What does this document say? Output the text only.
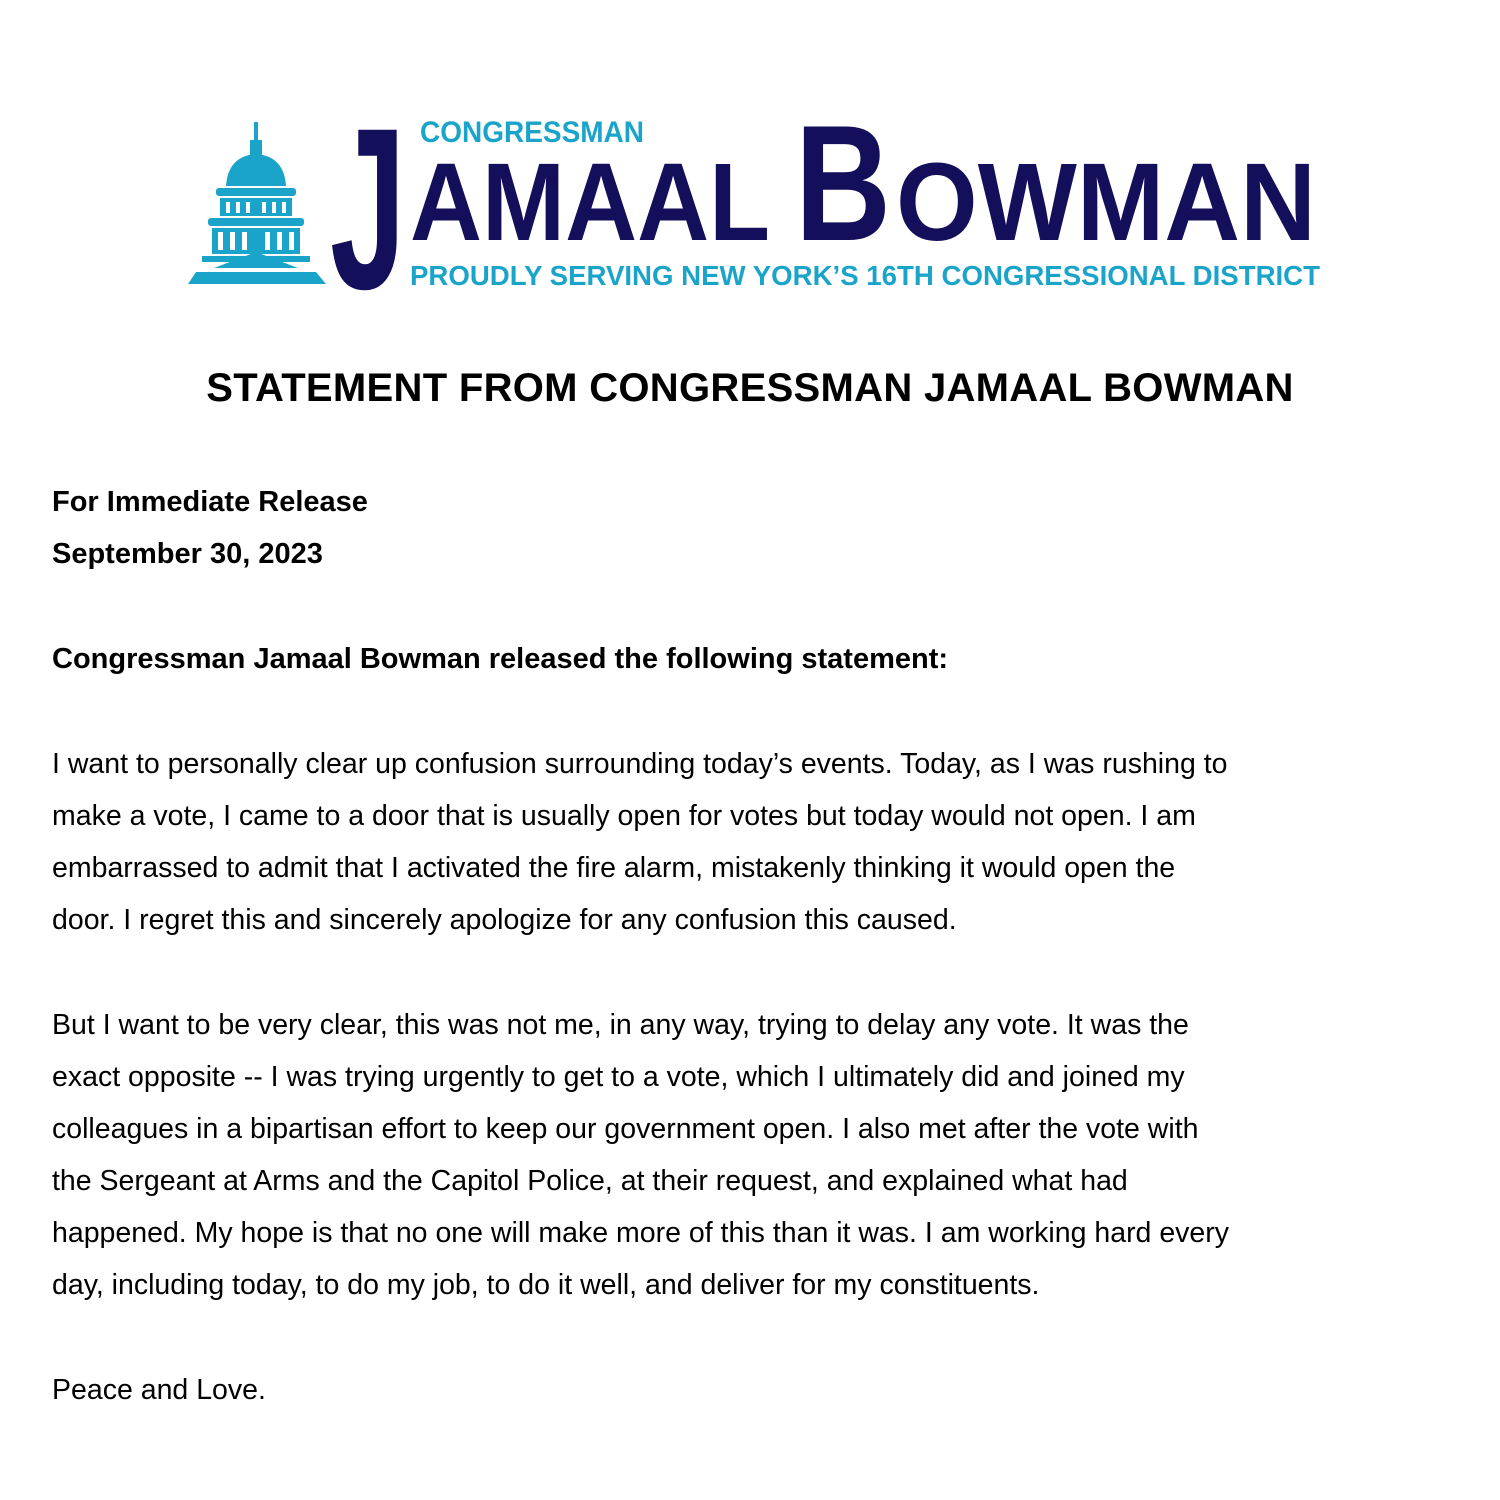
CONGRESSMAN
J AMAAL B OWMAN
PROUDLY SERVING NEW YORK’S 16TH CONGRESSIONAL DISTRICT
STATEMENT FROM CONGRESSMAN JAMAAL BOWMAN
For Immediate Release
September 30, 2023
Congressman Jamaal Bowman released the following statement:
I want to personally clear up confusion surrounding today’s events. Today, as I was rushing to
make a vote, I came to a door that is usually open for votes but today would not open. I am
embarrassed to admit that I activated the fire alarm, mistakenly thinking it would open the
door. I regret this and sincerely apologize for any confusion this caused.
But I want to be very clear, this was not me, in any way, trying to delay any vote. It was the
exact opposite -- I was trying urgently to get to a vote, which I ultimately did and joined my
colleagues in a bipartisan effort to keep our government open. I also met after the vote with
the Sergeant at Arms and the Capitol Police, at their request, and explained what had
happened. My hope is that no one will make more of this than it was. I am working hard every
day, including today, to do my job, to do it well, and deliver for my constituents.
Peace and Love.
